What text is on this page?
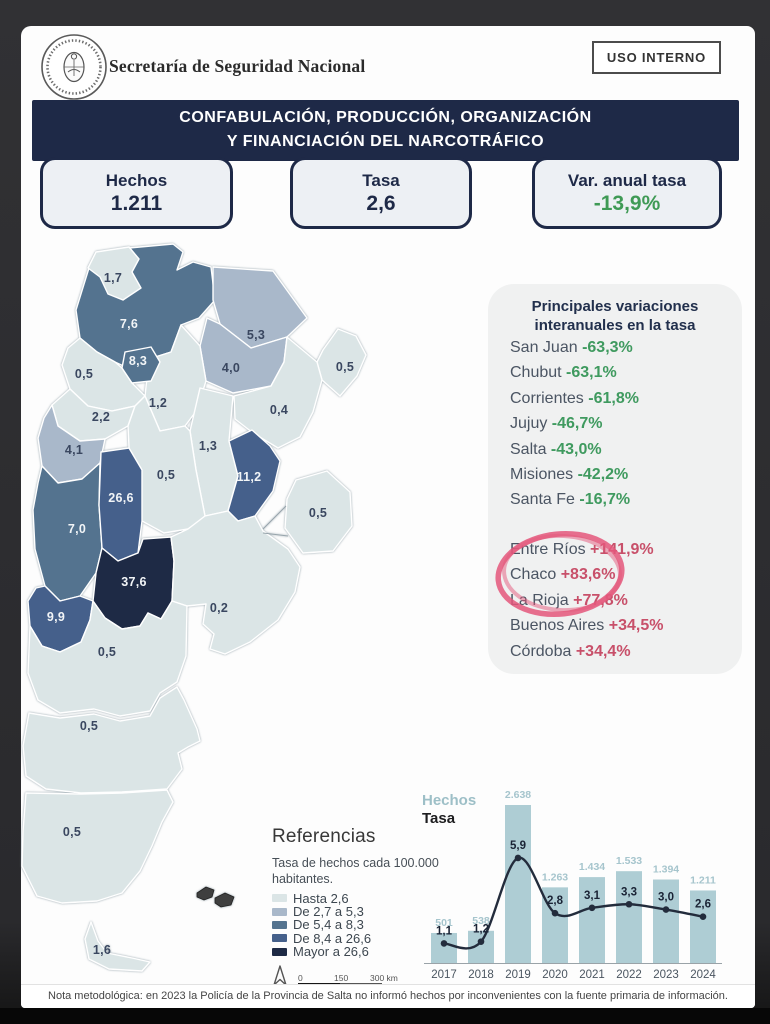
Secretaría de Seguridad Nacional	USO INTERNO
CONFABULACIÓN, PRODUCCIÓN, ORGANIZACIÓN
Y FINANCIACIÓN DEL NARCOTRÁFICO
Hechos
1.211
Tasa
2,6
Var. anual tasa
-13,9%
1,7
7,6
8,3
5,3
4,0	0,5
0,4
1,2
0,5
2,2
4,1	1,3
0,5	11,2
26,6
7,0
37,6
9,9
0,2
0,5
0,5
0,5
1,6
0,5
Principales variaciones
interanuales en la tasa
San Juan -63,3%
Chubut -63,1%
Corrientes -61,8%
Jujuy -46,7%
Salta -43,0%
Misiones -42,2%
Santa Fe -16,7%
Entre Ríos +141,9%
Chaco +83,6%
La Rioja +77,8%
Buenos Aires +34,5%
Córdoba +34,4%
Referencias
Tasa de hechos cada 100.000 habitantes.
Hasta 2,6
De 2,7 a 5,3
De 5,4 a 8,3
De 8,4 a 26,6
Mayor a 26,6
0	150	300 km
501
2017
538
2018
2.638
2019
1.263
2020
1.434
2021
1.533
2022
1.394
2023
1.211
2024
1,1 1,2
5,9
2,8 3,1 3,3 3,0
2,6
Hechos
Tasa
Nota metodológica: en 2023 la Policía de la Provincia de Salta no informó hechos por inconvenientes con la fuente primaria de información.
